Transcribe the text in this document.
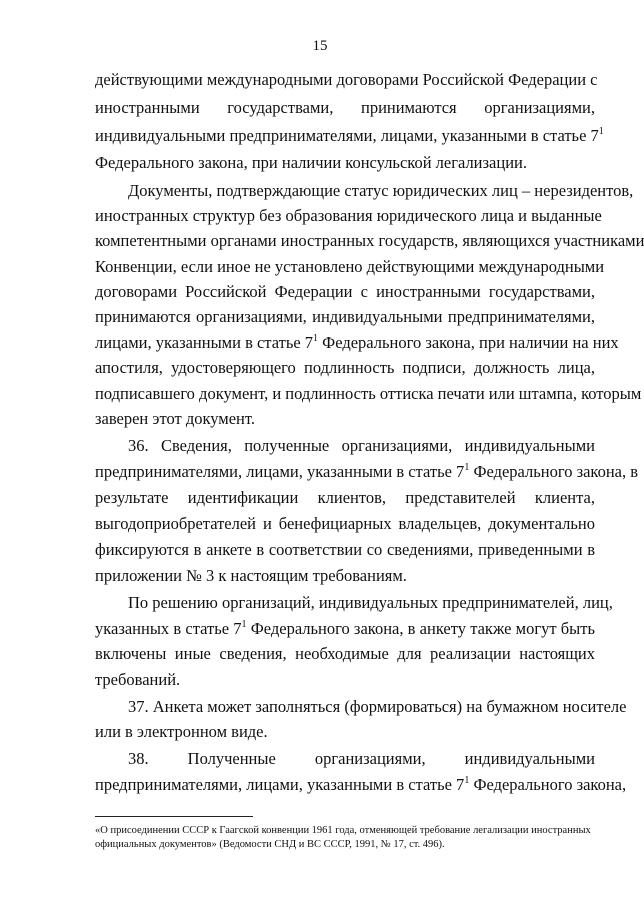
15
действующими международными договорами Российской Федерации с
иностранными государствами, принимаются организациями,
индивидуальными предпринимателями, лицами, указанными в статье $7^1$
Федерального закона, при наличии консульской легализации.
Документы, подтверждающие статус юридических лиц – нерезидентов,
иностранных структур без образования юридического лица и выданные
компетентными органами иностранных государств, являющихся участниками
Конвенции, если иное не установлено действующими международными
договорами Российской Федерации с иностранными государствами,
принимаются организациями, индивидуальными предпринимателями,
лицами, указанными в статье $7^1$ Федерального закона, при наличии на них
апостиля, удостоверяющего подлинность подписи, должность лица,
подписавшего документ, и подлинность оттиска печати или штампа, которым
заверен этот документ.
36. Сведения, полученные организациями, индивидуальными
предпринимателями, лицами, указанными в статье $7^1$ Федерального закона, в
результате идентификации клиентов, представителей клиента,
выгодоприобретателей и бенефициарных владельцев, документально
фиксируются в анкете в соответствии со сведениями, приведенными в
приложении № 3 к настоящим требованиям.
По решению организаций, индивидуальных предпринимателей, лиц,
указанных в статье $7^1$ Федерального закона, в анкету также могут быть
включены иные сведения, необходимые для реализации настоящих
требований.
37. Анкета может заполняться (формироваться) на бумажном носителе
или в электронном виде.
38. Полученные организациями, индивидуальными
предпринимателями, лицами, указанными в статье $7^1$ Федерального закона,
«О присоединении СССР к Гаагской конвенции 1961 года, отменяющей требование легализации иностранных
официальных документов» (Ведомости СНД и ВС СССР, 1991, № 17, ст. 496).
